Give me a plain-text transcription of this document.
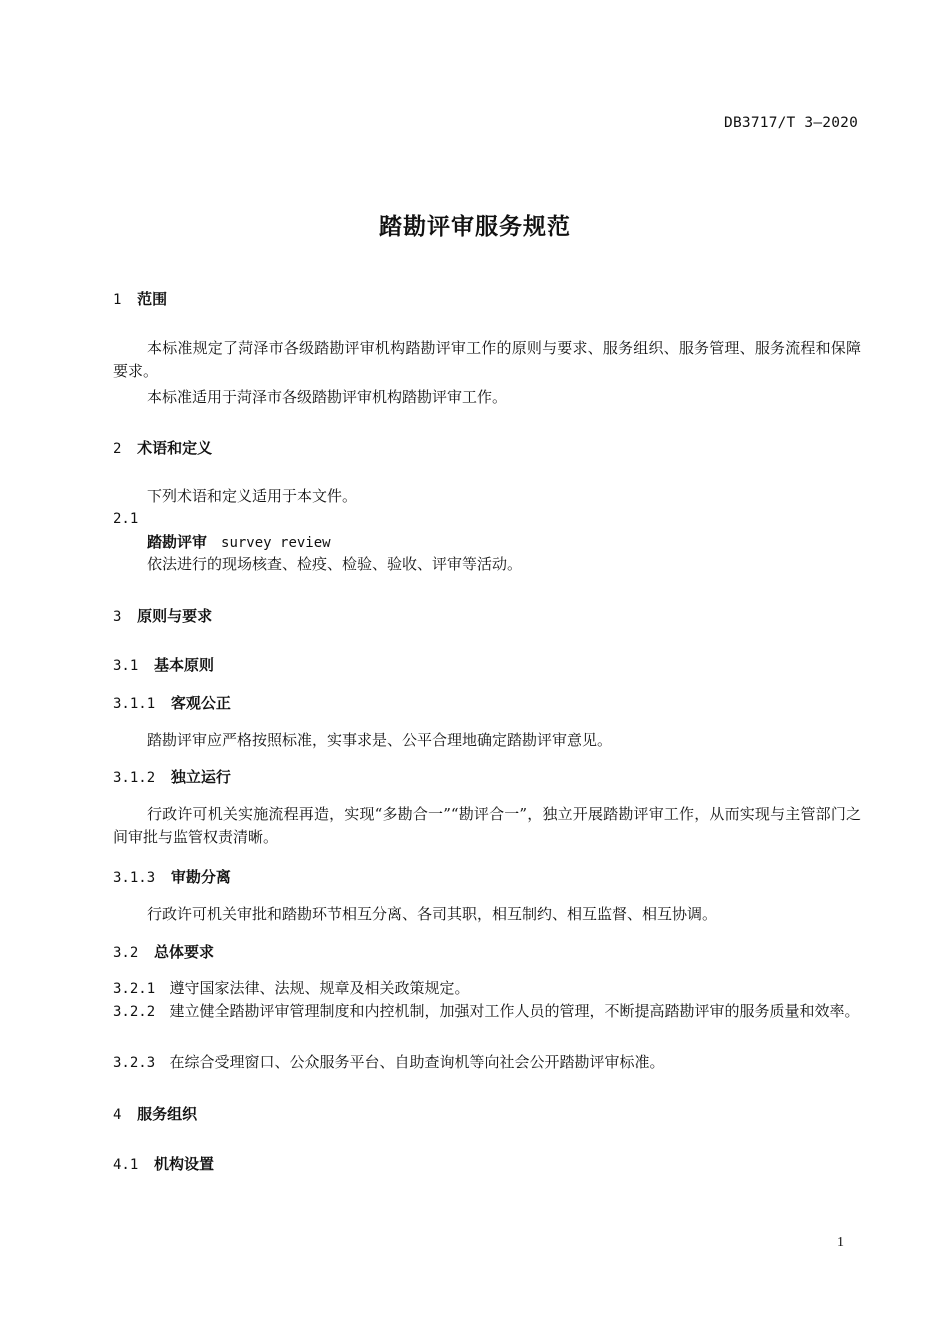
DB3717/T 3—2020
踏勘评审服务规范
1 范围
本标准规定了菏泽市各级踏勘评审机构踏勘评审工作的原则与要求、服务组织、服务管理、服务流程和保障要求。
本标准适用于菏泽市各级踏勘评审机构踏勘评审工作。
2 术语和定义
下列术语和定义适用于本文件。
2.1
踏勘评审 survey review
依法进行的现场核查、检疫、检验、验收、评审等活动。
3 原则与要求
3.1 基本原则
3.1.1 客观公正
踏勘评审应严格按照标准，实事求是、公平合理地确定踏勘评审意见。
3.1.2 独立运行
行政许可机关实施流程再造，实现“多勘合一”“勘评合一”，独立开展踏勘评审工作，从而实现与主管部门之间审批与监管权责清晰。
3.1.3 审勘分离
行政许可机关审批和踏勘环节相互分离、各司其职，相互制约、相互监督、相互协调。
3.2 总体要求
3.2.1 遵守国家法律、法规、规章及相关政策规定。
3.2.2 建立健全踏勘评审管理制度和内控机制，加强对工作人员的管理，不断提高踏勘评审的服务质量和效率。
3.2.3 在综合受理窗口、公众服务平台、自助查询机等向社会公开踏勘评审标准。
4 服务组织
4.1 机构设置
1
